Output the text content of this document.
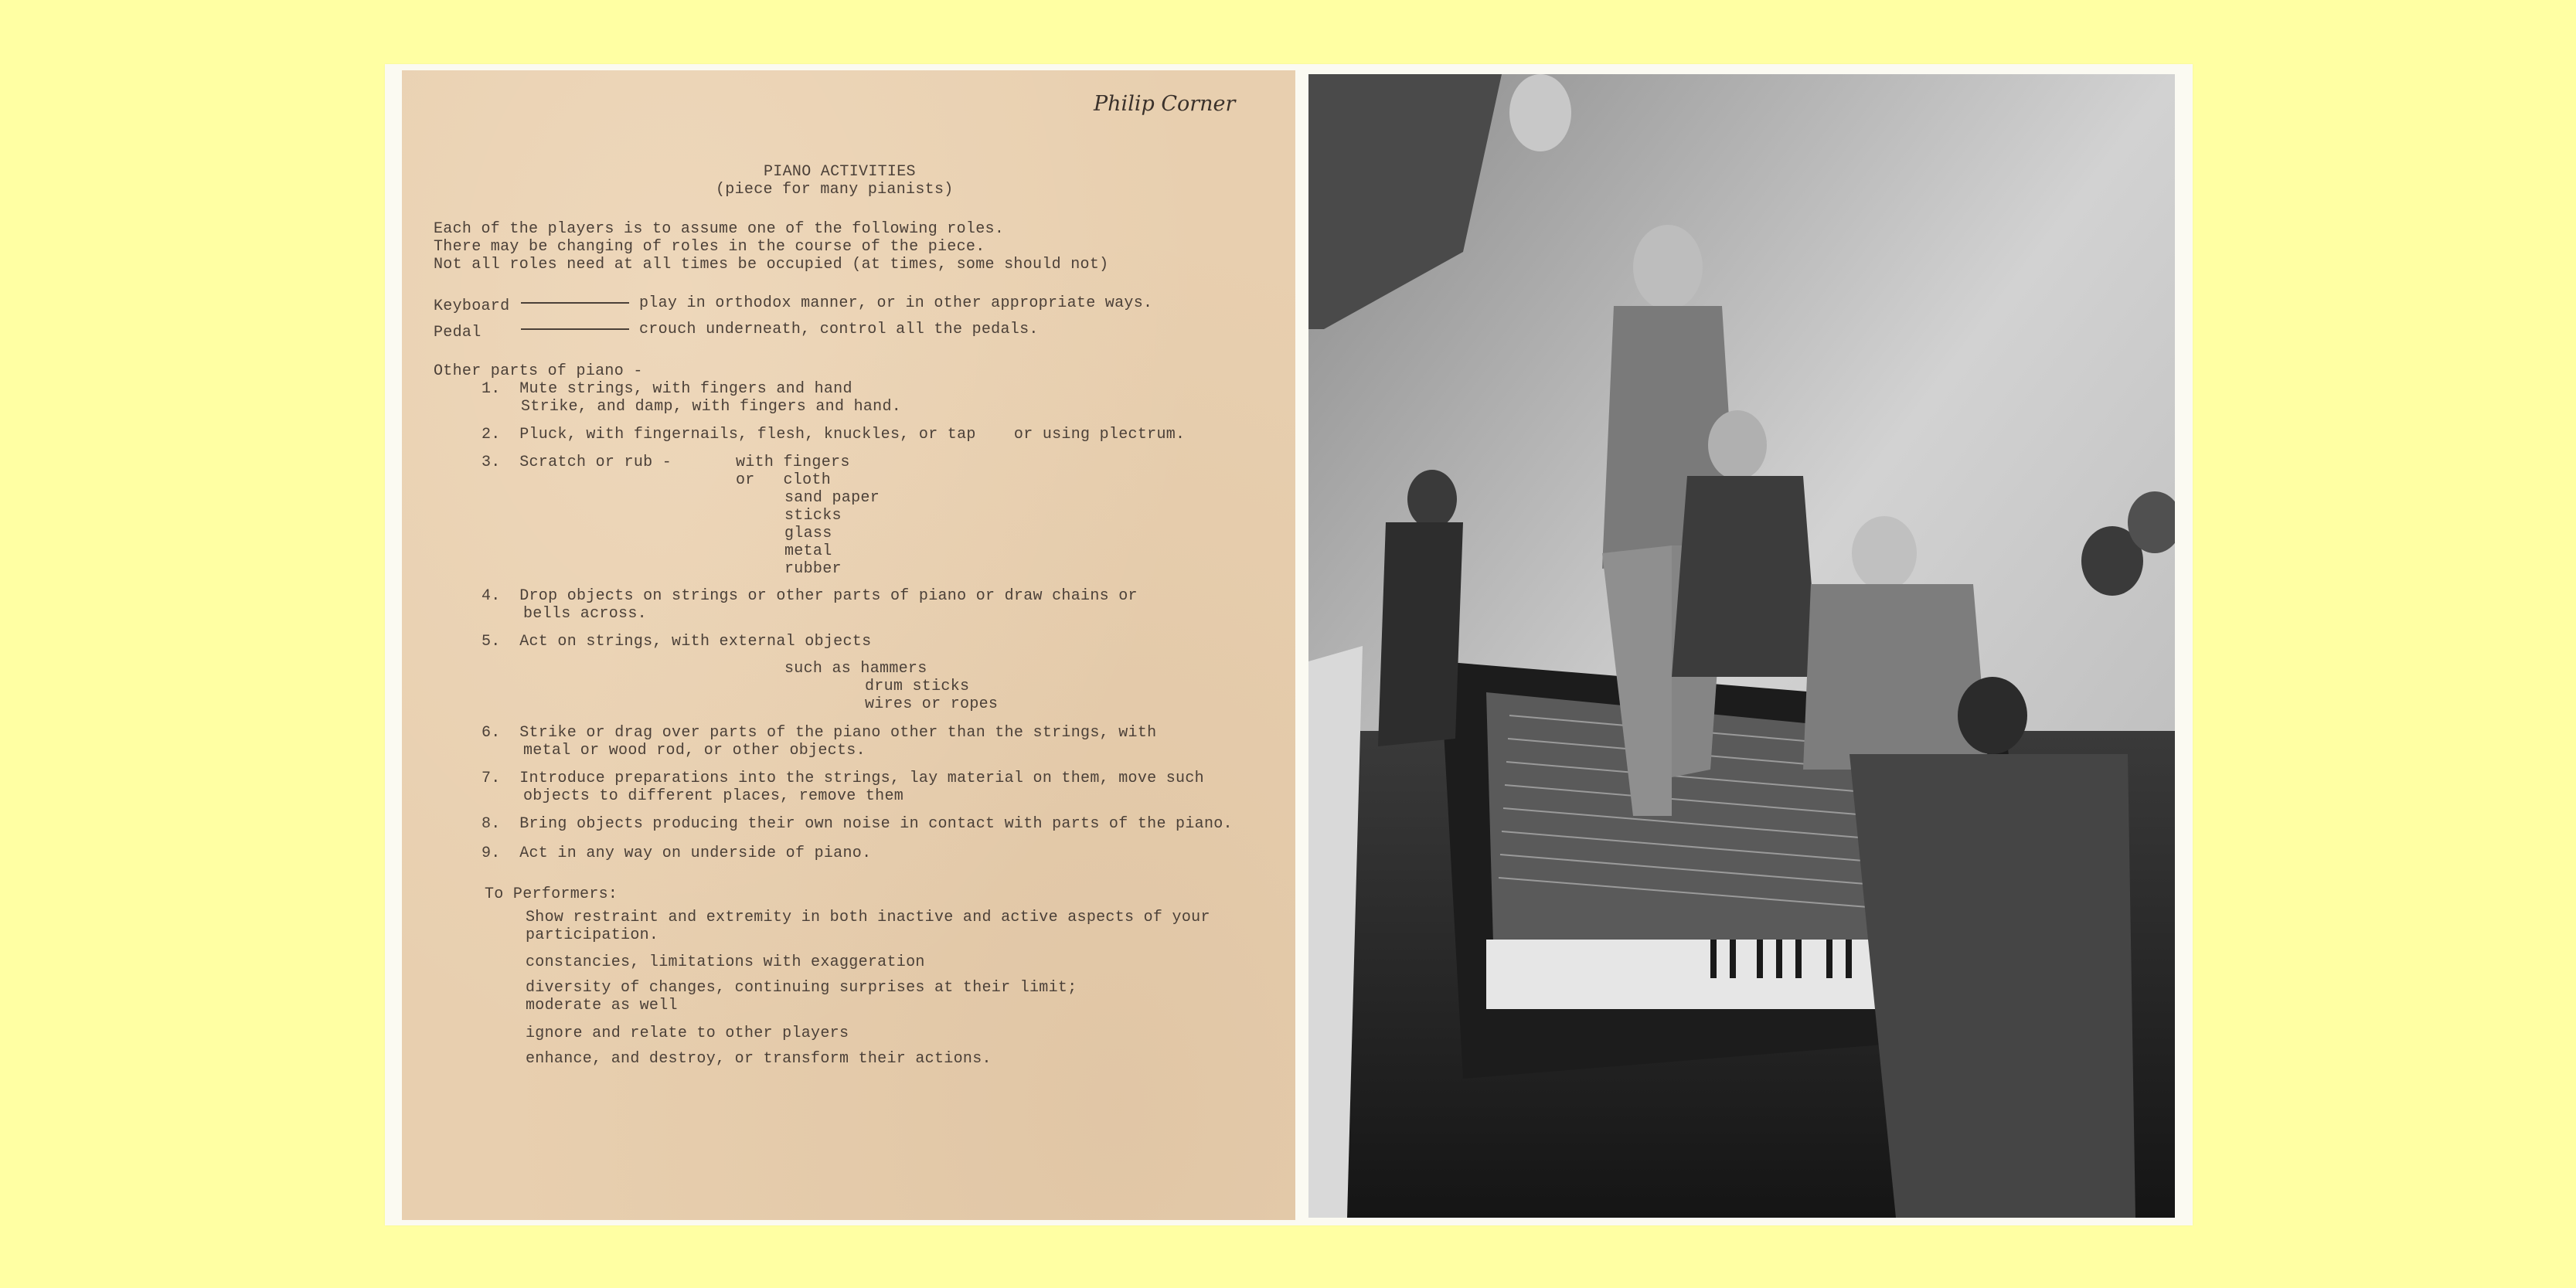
Philip Corner
PIANO ACTIVITIES
(piece for many pianists)
Each of the players is to assume one of the following roles.
There may be changing of roles in the course of the piece.
Not all roles need at all times be occupied (at times, some should not)
Keyboard	play in orthodox manner, or in other appropriate ways.
Pedal	crouch underneath, control all the pedals.
Other parts of piano -
1.  Mute strings, with fingers and hand
Strike, and damp, with fingers and hand.
2.  Pluck, with fingernails, flesh, knuckles, or tap    or using plectrum.
3.  Scratch or rub -	with fingers
or   cloth
sand paper
sticks
glass
metal
rubber
4.  Drop objects on strings or other parts of piano or draw chains or
bells across.
5.  Act on strings, with external objects
such as hammers
drum sticks
wires or ropes
6.  Strike or drag over parts of the piano other than the strings, with
metal or wood rod, or other objects.
7.  Introduce preparations into the strings, lay material on them, move such
objects to different places, remove them
8.  Bring objects producing their own noise in contact with parts of the piano.
9.  Act in any way on underside of piano.
To Performers:
Show restraint and extremity in both inactive and active aspects of your
participation.
constancies, limitations with exaggeration
diversity of changes, continuing surprises at their limit;
moderate as well
ignore and relate to other players
enhance, and destroy, or transform their actions.
